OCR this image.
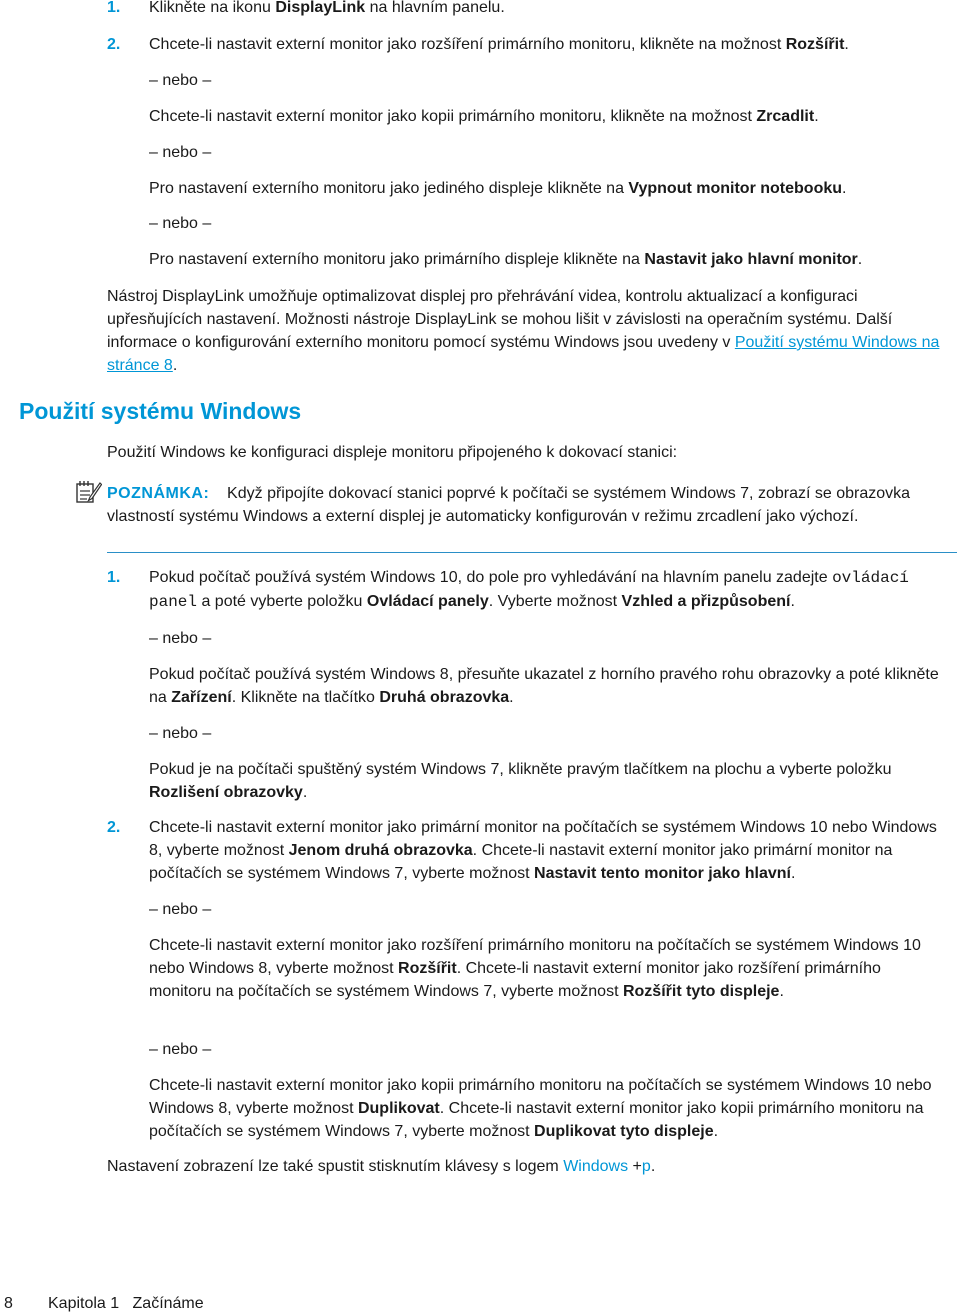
1. Klikněte na ikonu DisplayLink na hlavním panelu.
2. Chcete-li nastavit externí monitor jako rozšíření primárního monitoru, klikněte na možnost Rozšířit.
– nebo –
Chcete-li nastavit externí monitor jako kopii primárního monitoru, klikněte na možnost Zrcadlit.
– nebo –
Pro nastavení externího monitoru jako jediného displeje klikněte na Vypnout monitor notebooku.
– nebo –
Pro nastavení externího monitoru jako primárního displeje klikněte na Nastavit jako hlavní monitor.
Nástroj DisplayLink umožňuje optimalizovat displej pro přehrávání videa, kontrolu aktualizací a konfiguraci upřesňujících nastavení. Možnosti nástroje DisplayLink se mohou lišit v závislosti na operačním systému. Další informace o konfigurování externího monitoru pomocí systému Windows jsou uvedeny v Použití systému Windows na stránce 8.
Použití systému Windows
Použití Windows ke konfiguraci displeje monitoru připojeného k dokovací stanici:
POZNÁMKA: Když připojíte dokovací stanici poprvé k počítači se systémem Windows 7, zobrazí se obrazovka vlastností systému Windows a externí displej je automaticky konfigurován v režimu zrcadlení jako výchozí.
1. Pokud počítač používá systém Windows 10, do pole pro vyhledávání na hlavním panelu zadejte ovládací panel a poté vyberte položku Ovládací panely. Vyberte možnost Vzhled a přizpůsobení.
– nebo –
Pokud počítač používá systém Windows 8, přesuňte ukazatel z horního pravého rohu obrazovky a poté klikněte na Zařízení. Klikněte na tlačítko Druhá obrazovka.
– nebo –
Pokud je na počítači spuštěný systém Windows 7, klikněte pravým tlačítkem na plochu a vyberte položku Rozlišení obrazovky.
2. Chcete-li nastavit externí monitor jako primární monitor na počítačích se systémem Windows 10 nebo Windows 8, vyberte možnost Jenom druhá obrazovka. Chcete-li nastavit externí monitor jako primární monitor na počítačích se systémem Windows 7, vyberte možnost Nastavit tento monitor jako hlavní.
– nebo –
Chcete-li nastavit externí monitor jako rozšíření primárního monitoru na počítačích se systémem Windows 10 nebo Windows 8, vyberte možnost Rozšířit. Chcete-li nastavit externí monitor jako rozšíření primárního monitoru na počítačích se systémem Windows 7, vyberte možnost Rozšířit tyto displeje.
– nebo –
Chcete-li nastavit externí monitor jako kopii primárního monitoru na počítačích se systémem Windows 10 nebo Windows 8, vyberte možnost Duplikovat. Chcete-li nastavit externí monitor jako kopii primárního monitoru na počítačích se systémem Windows 7, vyberte možnost Duplikovat tyto displeje.
Nastavení zobrazení lze také spustit stisknutím klávesy s logem Windows +p.
8 Kapitola 1 Začínáme
